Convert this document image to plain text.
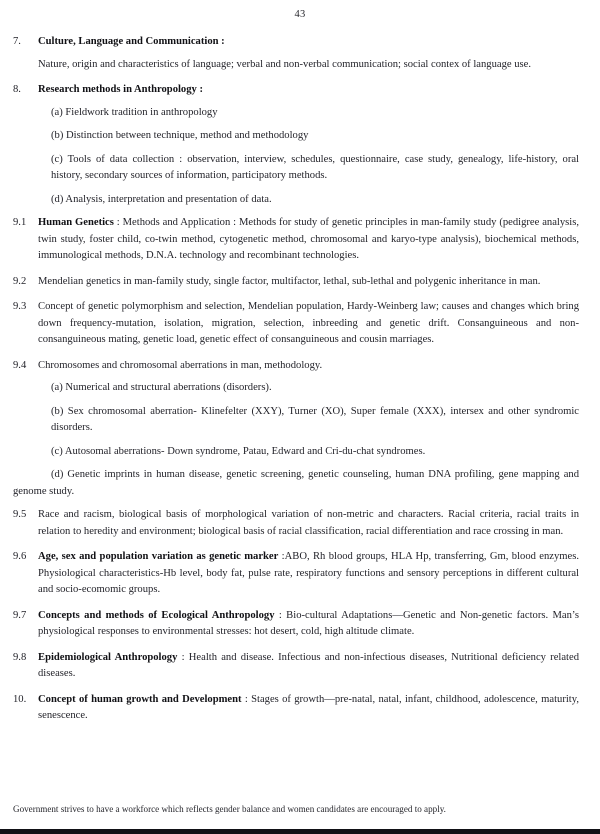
43
7.	Culture, Language and Communication :
Nature, origin and characteristics of language; verbal and non-verbal communication; social contex of language use.
8.	Research methods in Anthropology :
(a) Fieldwork tradition in anthropology
(b) Distinction between technique, method and methodology
(c) Tools of data collection : observation, interview, schedules, questionnaire, case study, genealogy, life-history, oral history, secondary sources of information, participatory methods.
(d) Analysis, interpretation and presentation of data.
9.1	Human Genetics : Methods and Application : Methods for study of genetic principles in man-family study (pedigree analysis, twin study, foster child, co-twin method, cytogenetic method, chromosomal and karyo-type analysis), biochemical methods, immunological methods, D.N.A. technology and recombinant technologies.
9.2	Mendelian genetics in man-family study, single factor, multifactor, lethal, sub-lethal and polygenic inheritance in man.
9.3	Concept of genetic polymorphism and selection, Mendelian population, Hardy-Weinberg law; causes and changes which bring down frequency-mutation, isolation, migration, selection, inbreeding and genetic drift. Consanguineous and non-consanguineous mating, genetic load, genetic effect of consanguineous and cousin marriages.
9.4	Chromosomes and chromosomal aberrations in man, methodology.
(a) Numerical and structural aberrations (disorders).
(b) Sex chromosomal aberration- Klinefelter (XXY), Turner (XO), Super female (XXX), intersex and other syndromic disorders.
(c) Autosomal aberrations- Down syndrome, Patau, Edward and Cri-du-chat syndromes.
(d) Genetic imprints in human disease, genetic screening, genetic counseling, human DNA profiling, gene mapping and genome study.
9.5	Race and racism, biological basis of morphological variation of non-metric and characters. Racial criteria, racial traits in relation to heredity and environment; biological basis of racial classification, racial differentiation and race crossing in man.
9.6	Age, sex and population variation as genetic marker :ABO, Rh blood groups, HLA Hp, transferring, Gm, blood enzymes. Physiological characteristics-Hb level, body fat, pulse rate, respiratory functions and sensory perceptions in different cultural and socio-ecomomic groups.
9.7	Concepts and methods of Ecological Anthropology : Bio-cultural Adaptations—Genetic and Non-genetic factors. Man’s physiological responses to environmental stresses: hot desert, cold, high altitude climate.
9.8	Epidemiological Anthropology : Health and disease. Infectious and non-infectious diseases, Nutritional deficiency related diseases.
10.	Concept of human growth and Development : Stages of growth—pre-natal, natal, infant, childhood, adolescence, maturity, senescence.
Government strives to have a workforce which reflects gender balance and women candidates are encouraged to apply.
